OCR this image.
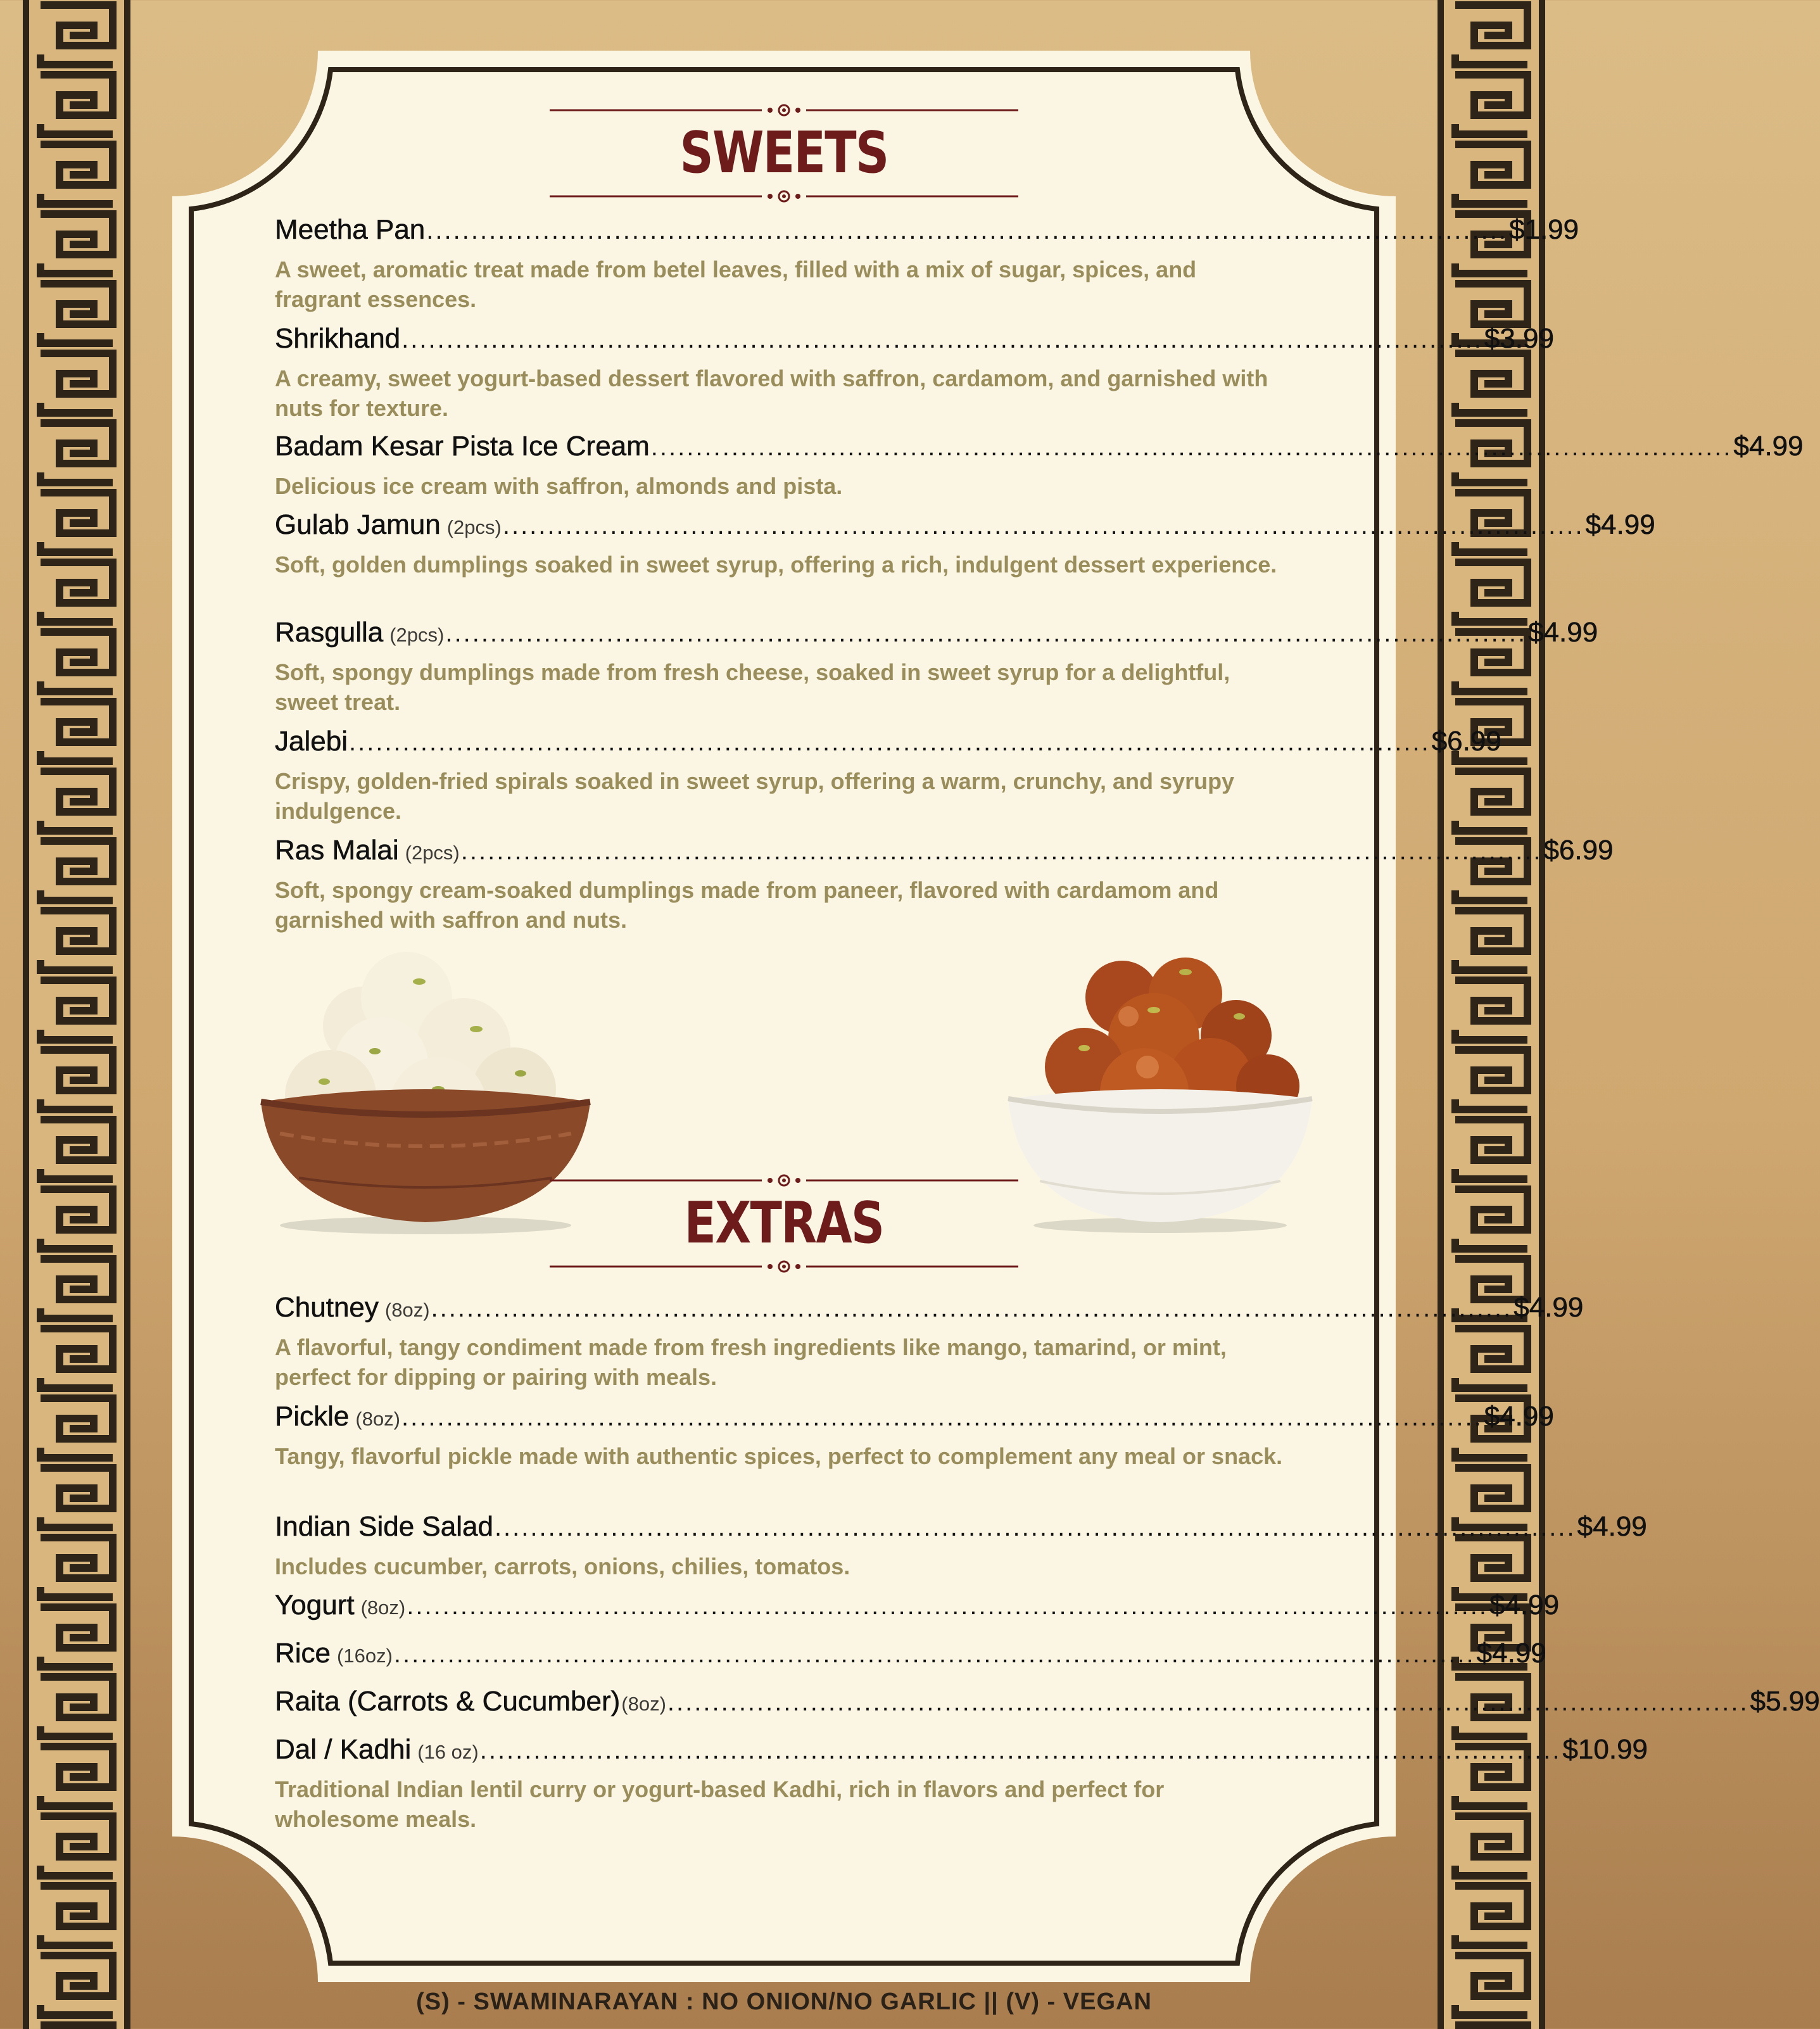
SWEETS
Meetha Pan ......................................................................................................................... $1.99
A sweet, aromatic treat made from betel leaves, filled with a mix of sugar, spices, and fragrant essences.
Shrikhand ......................................................................................................................... $3.99
A creamy, sweet yogurt-based dessert flavored with saffron, cardamom, and garnished with nuts for texture.
Badam Kesar Pista Ice Cream ......................................................................................................................... $4.99
Delicious ice cream with saffron, almonds and pista.
Gulab Jamun (2pcs) ......................................................................................................................... $4.99
Soft, golden dumplings soaked in sweet syrup, offering a rich, indulgent dessert experience.
Rasgulla (2pcs) ......................................................................................................................... $4.99
Soft, spongy dumplings made from fresh cheese, soaked in sweet syrup for a delightful, sweet treat.
Jalebi ......................................................................................................................... $6.99
Crispy, golden-fried spirals soaked in sweet syrup, offering a warm, crunchy, and syrupy indulgence.
Ras Malai (2pcs) ......................................................................................................................... $6.99
Soft, spongy cream-soaked dumplings made from paneer, flavored with cardamom and garnished with saffron and nuts.
EXTRAS
Chutney (8oz) ......................................................................................................................... $4.99
A flavorful, tangy condiment made from fresh ingredients like mango, tamarind, or mint, perfect for dipping or pairing with meals.
Pickle (8oz) ......................................................................................................................... $4.99
Tangy, flavorful pickle made with authentic spices, perfect to complement any meal or snack.
Indian Side Salad ......................................................................................................................... $4.99
Includes cucumber, carrots, onions, chilies, tomatos.
Yogurt (8oz) ......................................................................................................................... $4.99
Rice (16oz) ......................................................................................................................... $4.99
Raita (Carrots & Cucumber) (8oz) ......................................................................................................................... $5.99
Dal / Kadhi (16 oz) ......................................................................................................................... $10.99
Traditional Indian lentil curry or yogurt-based Kadhi, rich in flavors and perfect for wholesome meals.
(S) - SWAMINARAYAN : NO ONION/NO GARLIC || (V) - VEGAN
